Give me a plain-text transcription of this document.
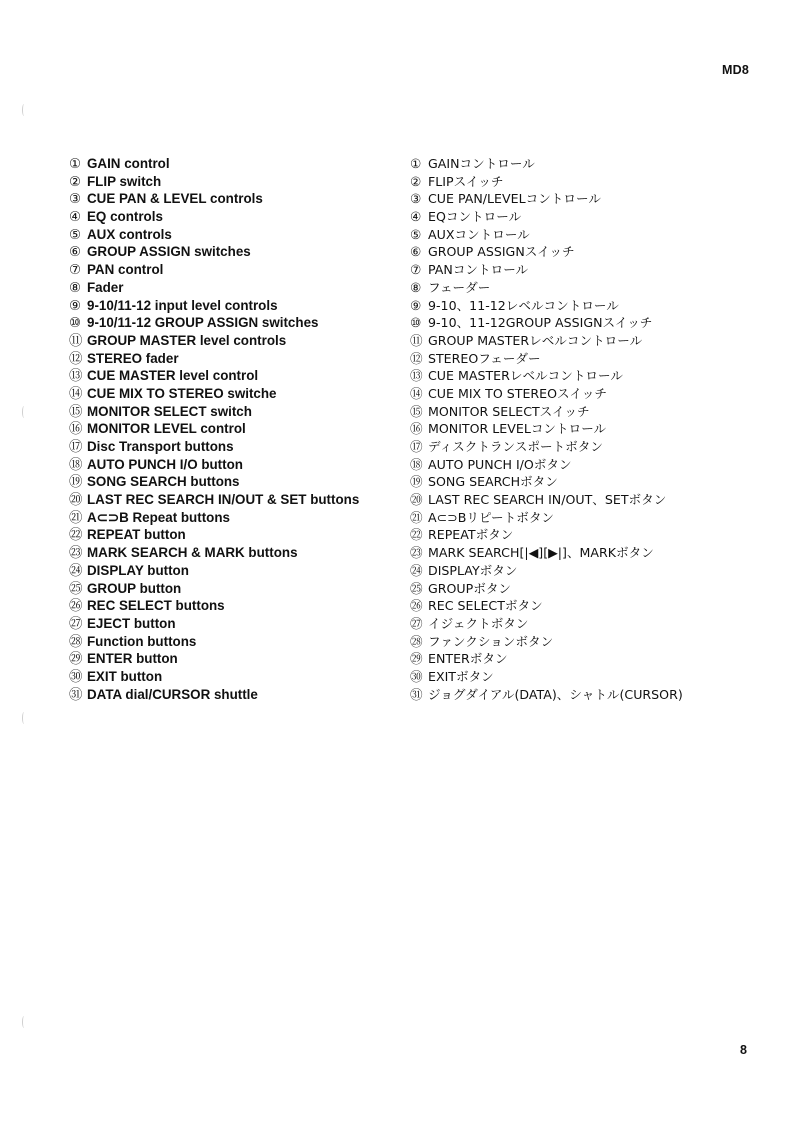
MD8
① GAIN control
② FLIP switch
③ CUE PAN & LEVEL controls
④ EQ controls
⑤ AUX controls
⑥ GROUP ASSIGN switches
⑦ PAN control
⑧ Fader
⑨ 9-10/11-12 input level controls
⑩ 9-10/11-12 GROUP ASSIGN switches
⑪ GROUP MASTER level controls
⑫ STEREO fader
⑬ CUE MASTER level control
⑭ CUE MIX TO STEREO switche
⑮ MONITOR SELECT switch
⑯ MONITOR LEVEL control
⑰ Disc Transport buttons
⑱ AUTO PUNCH I/O button
⑲ SONG SEARCH buttons
⑳ LAST REC SEARCH IN/OUT & SET buttons
㉑ A⊂⊃B Repeat buttons
㉒ REPEAT button
㉓ MARK SEARCH & MARK buttons
㉔ DISPLAY button
㉕ GROUP button
㉖ REC SELECT buttons
㉗ EJECT button
㉘ Function buttons
㉙ ENTER button
㉚ EXIT button
㉛ DATA dial/CURSOR shuttle
① GAINコントロール
② FLIPスイッチ
③ CUE PAN/LEVELコントロール
④ EQコントロール
⑤ AUXコントロール
⑥ GROUP ASSIGNスイッチ
⑦ PANコントロール
⑧ フェーダー
⑨ 9-10、11-12レベルコントロール
⑩ 9-10、11-12GROUP ASSIGNスイッチ
⑪ GROUP MASTERレベルコントロール
⑫ STEREOフェーダー
⑬ CUE MASTERレベルコントロール
⑭ CUE MIX TO STEREOスイッチ
⑮ MONITOR SELECTスイッチ
⑯ MONITOR LEVELコントロール
⑰ ディスクトランスポートボタン
⑱ AUTO PUNCH I/Oボタン
⑲ SONG SEARCHボタン
⑳ LAST REC SEARCH IN/OUT、SETボタン
㉑ A⊂⊃Bリピートボタン
㉒ REPEATボタン
㉓ MARK SEARCH[|◀][▶|]、MARKボタン
㉔ DISPLAYボタン
㉕ GROUPボタン
㉖ REC SELECTボタン
㉗ イジェクトボタン
㉘ ファンクションボタン
㉙ ENTERボタン
㉚ EXITボタン
㉛ ジョグダイアル(DATA)、シャトル(CURSOR)
8
